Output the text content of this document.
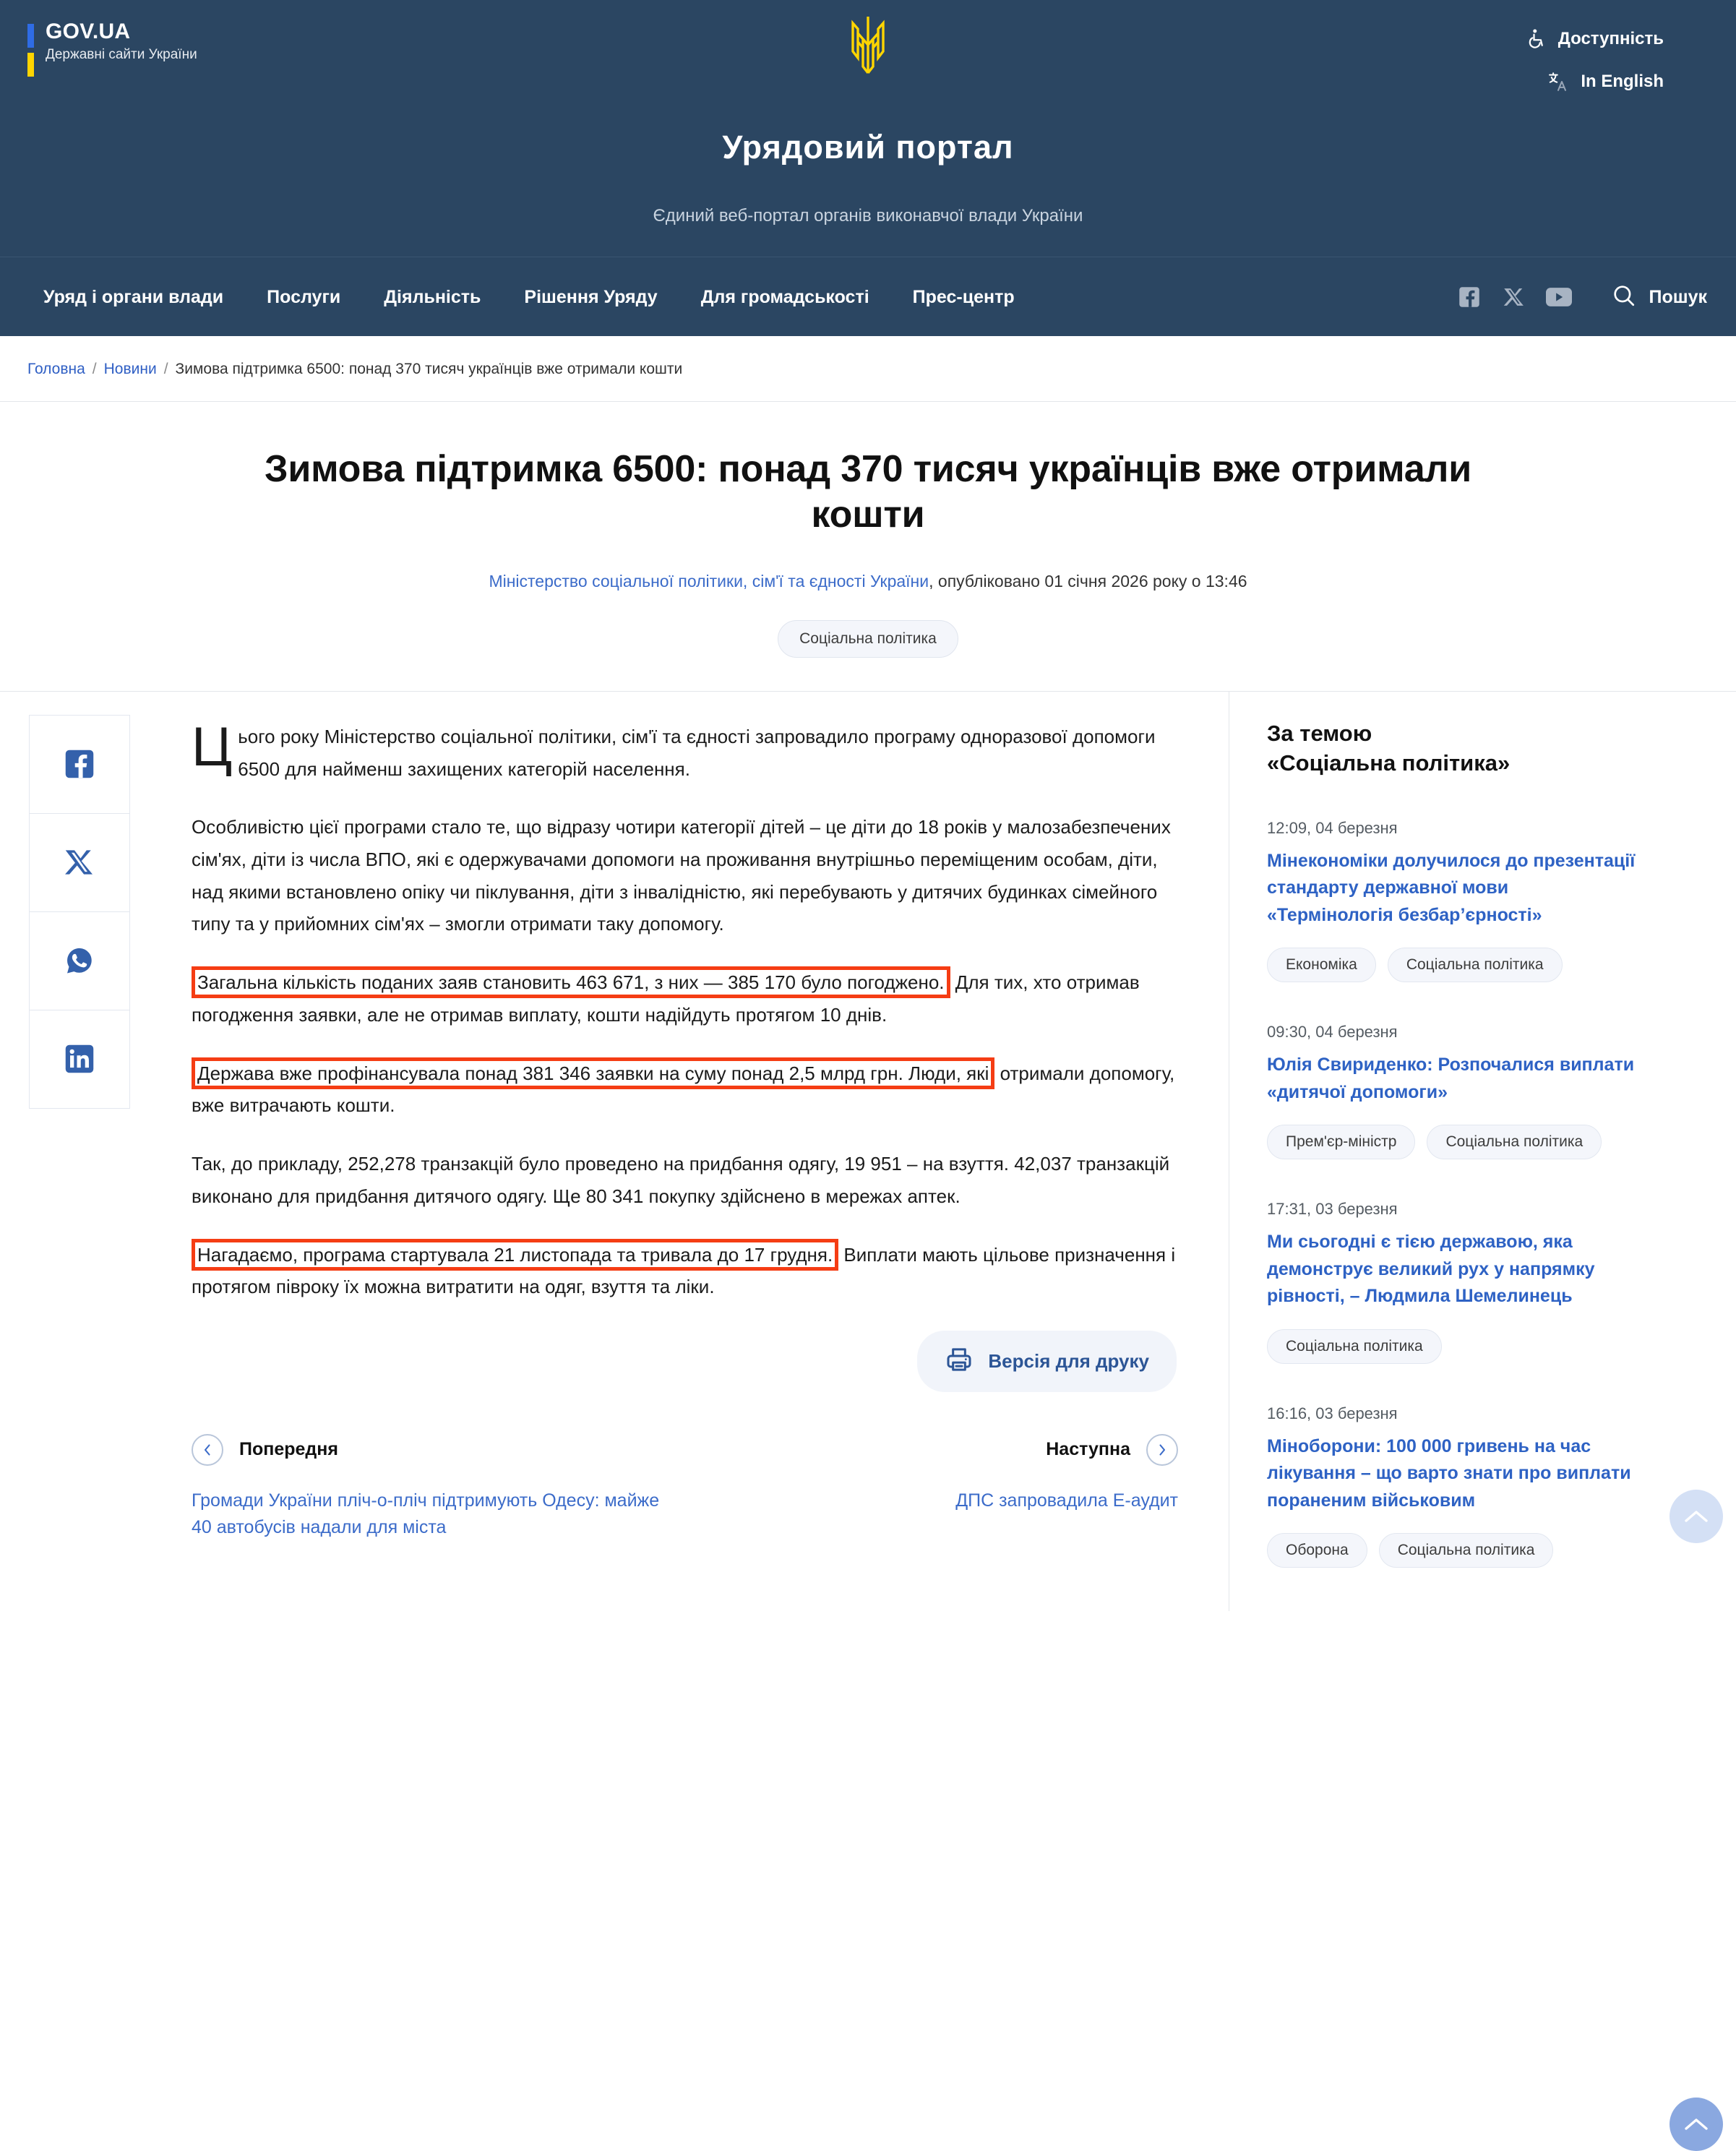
GOV.UA
Державні сайти України
Доступність
In English
Урядовий портал
Єдиний веб-портал органів виконавчої влади України
Уряд і органи влади	Послуги	Діяльність	Рішення Уряду	Для громадськості	Прес-центр	Пошук
Головна / Новини / Зимова підтримка 6500: понад 370 тисяч українців вже отримали кошти
Зимова підтримка 6500: понад 370 тисяч українців вже отримали кошти
Міністерство соціальної політики, сім'ї та єдності України, опубліковано 01 січня 2026 року о 13:46
Соціальна політика

Цього року Міністерство соціальної політики, сім'ї та єдності запровадило програму одноразової допомоги 6500 для найменш захищених категорій населення.

Особливістю цієї програми стало те, що відразу чотири категорії дітей – це діти до 18 років у малозабезпечених сім'ях, діти із числа ВПО, які є одержувачами допомоги на проживання внутрішньо переміщеним особам, діти, над якими встановлено опіку чи піклування, діти з інвалідністю, які перебувають у дитячих будинках сімейного типу та у прийомних сім'ях – змогли отримати таку допомогу.

Загальна кількість поданих заяв становить 463 671, з них — 385 170 було погоджено. Для тих, хто отримав погодження заявки, але не отримав виплату, кошти надійдуть протягом 10 днів.

Держава вже профінансувала понад 381 346 заявки на суму понад 2,5 млрд грн. Люди, які отримали допомогу, вже витрачають кошти.

Так, до прикладу, 252,278 транзакцій було проведено на придбання одягу, 19 951 – на взуття. 42,037 транзакцій виконано для придбання дитячого одягу. Ще 80 341 покупку здійснено в мережах аптек.

Нагадаємо, програма стартувала 21 листопада та тривала до 17 грудня. Виплати мають цільове призначення і протягом півроку їх можна витратити на одяг, взуття та ліки.

Версія для друку
Попередня
Громади України пліч-о-пліч підтримують Одесу: майже 40 автобусів надали для міста
Наступна
ДПС запровадила Е-аудит
За темою
«Соціальна політика»
12:09, 04 березня
Мінекономіки долучилося до презентації стандарту державної мови «Термінологія безбар’єрності»
Економіка	Соціальна політика
09:30, 04 березня
Юлія Свириденко: Розпочалися виплати «дитячої допомоги»
Прем'єр-міністр	Соціальна політика
17:31, 03 березня
Ми сьогодні є тією державою, яка демонструє великий рух у напрямку рівності, – Людмила Шемелинець
Соціальна політика
16:16, 03 березня
Міноборони: 100 000 гривень на час лікування – що варто знати про виплати пораненим військовим
Оборона	Соціальна політика
